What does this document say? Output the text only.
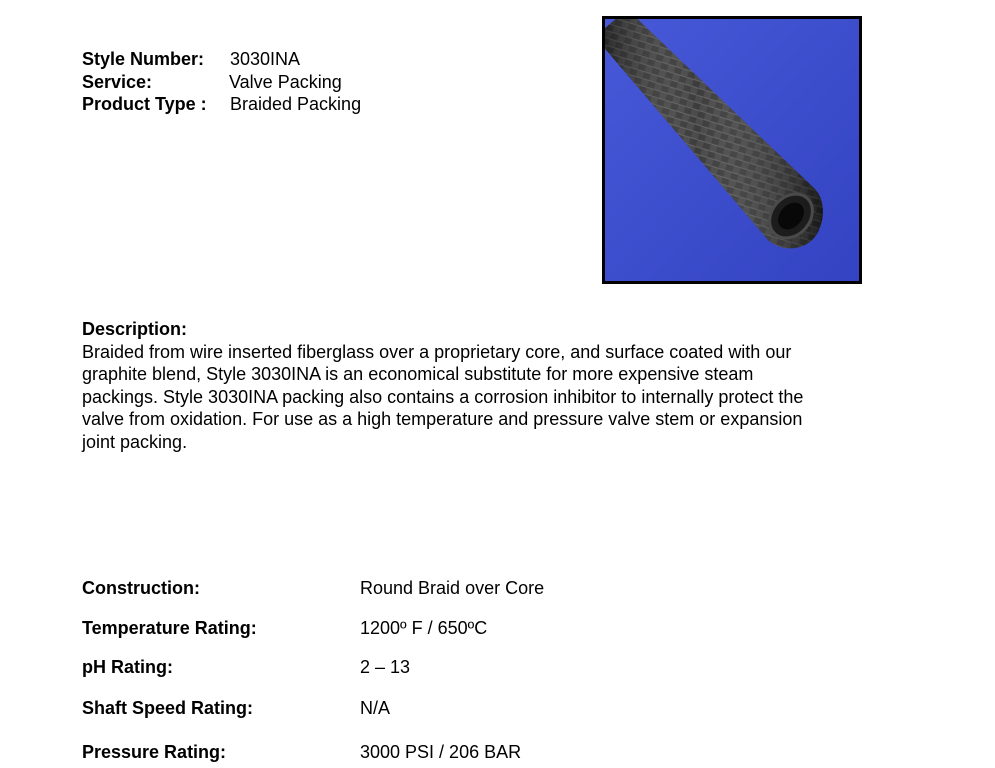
Style Number: 3030INA
Service:	Valve Packing
Product Type : Braided Packing
Description:

Braided from wire inserted fiberglass over a proprietary core, and surface coated with our
graphite blend, Style 3030INA is an economical substitute for more expensive steam
packings. Style 3030INA packing also contains a corrosion inhibitor to internally protect the
valve from oxidation. For use as a high temperature and pressure valve stem or expansion
joint packing.

Construction:	Round Braid over Core
Temperature Rating:	1200º F / 650ºC
pH Rating:	2 – 13
Shaft Speed Rating:	N/A
Pressure Rating:	3000 PSI / 206 BAR
